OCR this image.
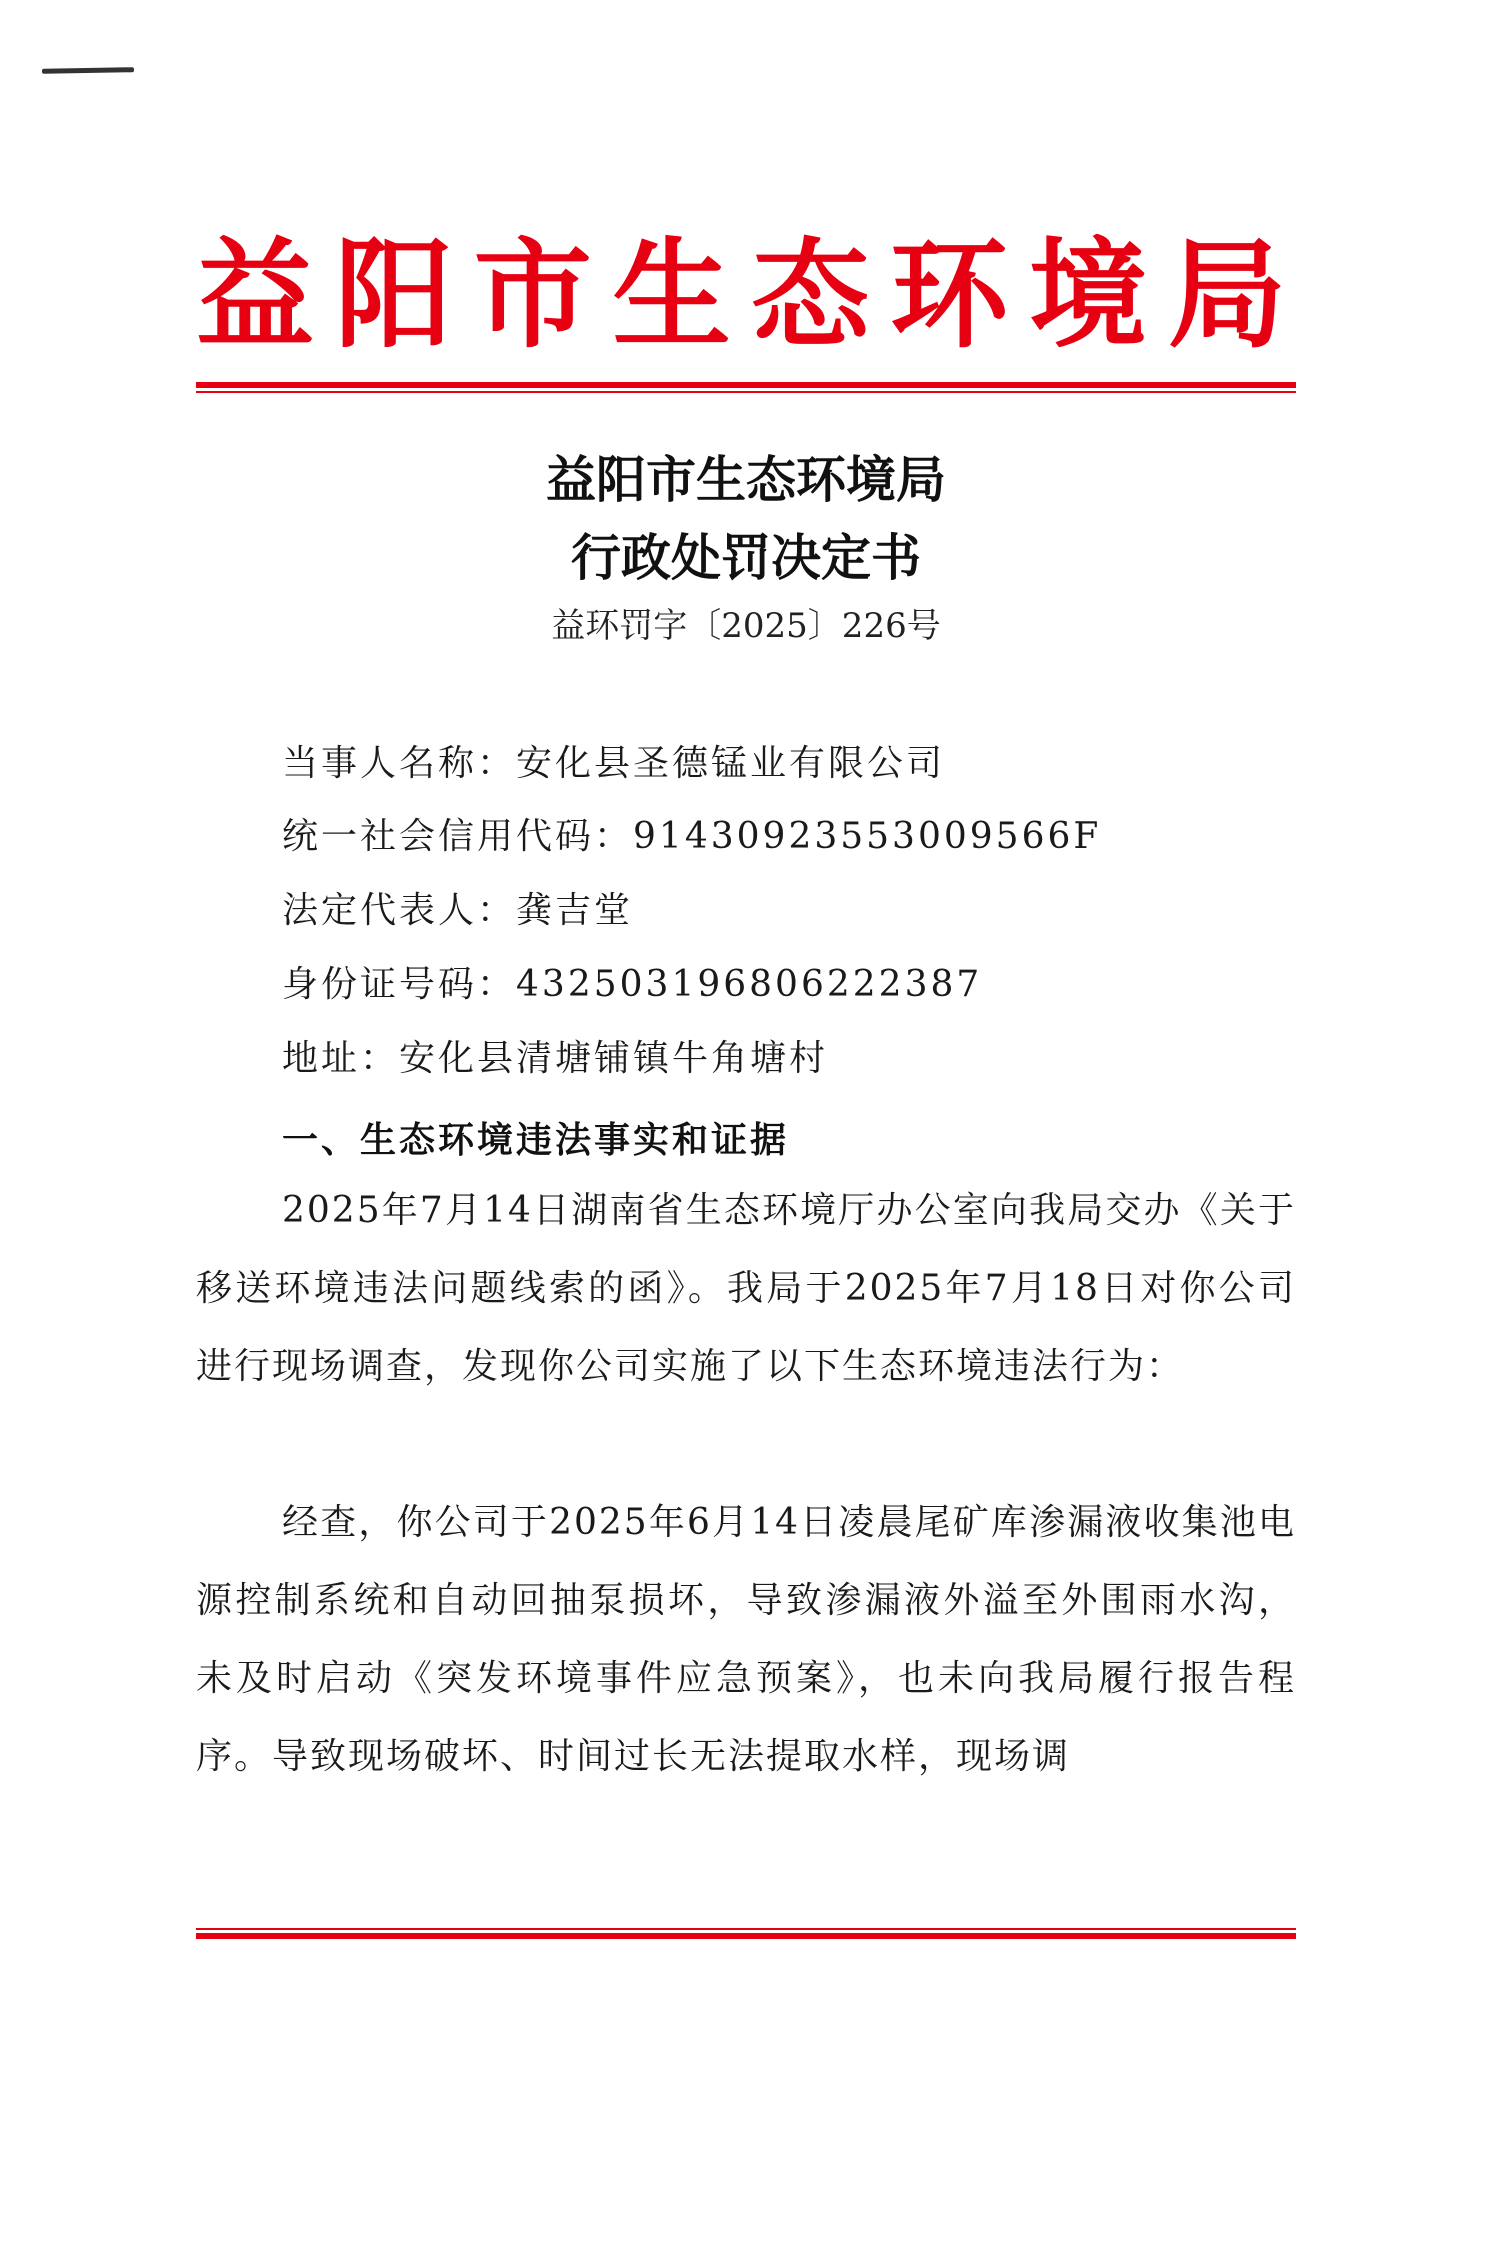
益阳市生态环境局
益阳市生态环境局
行政处罚决定书
益环罚字〔2025〕226号
当事人名称：安化县圣德锰业有限公司
统一社会信用代码：91430923553009566F
法定代表人：龚吉堂
身份证号码：432503196806222387
地址：安化县清塘铺镇牛角塘村
一、生态环境违法事实和证据
2025年7月14日湖南省生态环境厅办公室向我局交办《关于移送环境违法问题线索的函》。我局于2025年7月18日对你公司进行现场调查，发现你公司实施了以下生态环境违法行为：
经查，你公司于2025年6月14日凌晨尾矿库渗漏液收集池电源控制系统和自动回抽泵损坏，导致渗漏液外溢至外围雨水沟，未及时启动《突发环境事件应急预案》，也未向我局履行报告程序。导致现场破坏、时间过长无法提取水样，现场调
